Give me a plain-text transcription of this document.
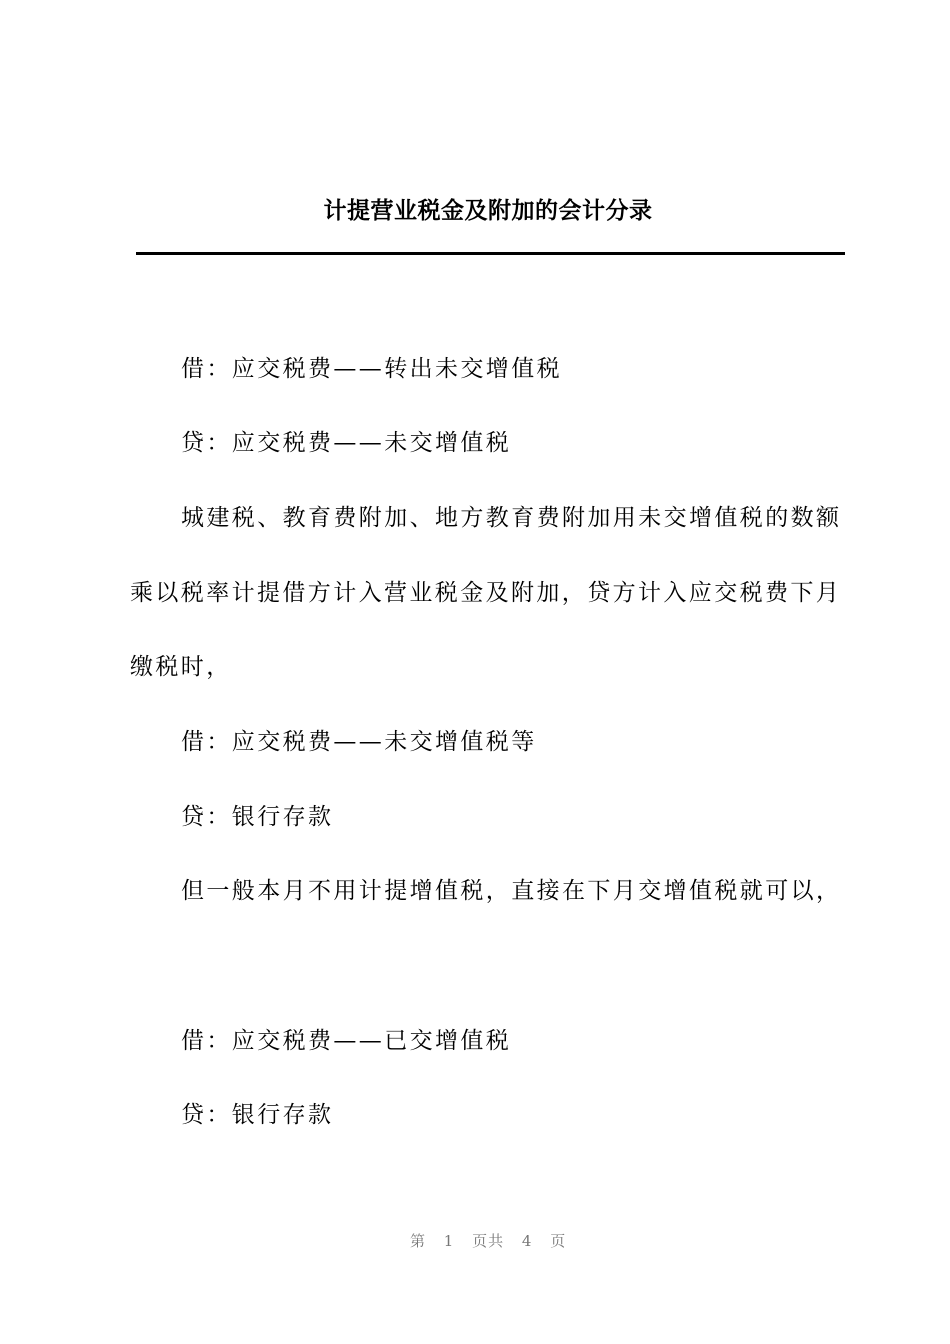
计提营业税金及附加的会计分录
借：应交税费——转出未交增值税
贷：应交税费——未交增值税
城建税、教育费附加、地方教育费附加用未交增值税的数额
乘以税率计提借方计入营业税金及附加，贷方计入应交税费下月
缴税时，
借：应交税费——未交增值税等
贷：银行存款
但一般本月不用计提增值税，直接在下月交增值税就可以，
借：应交税费——已交增值税
贷：银行存款
第 1 页共 4 页
